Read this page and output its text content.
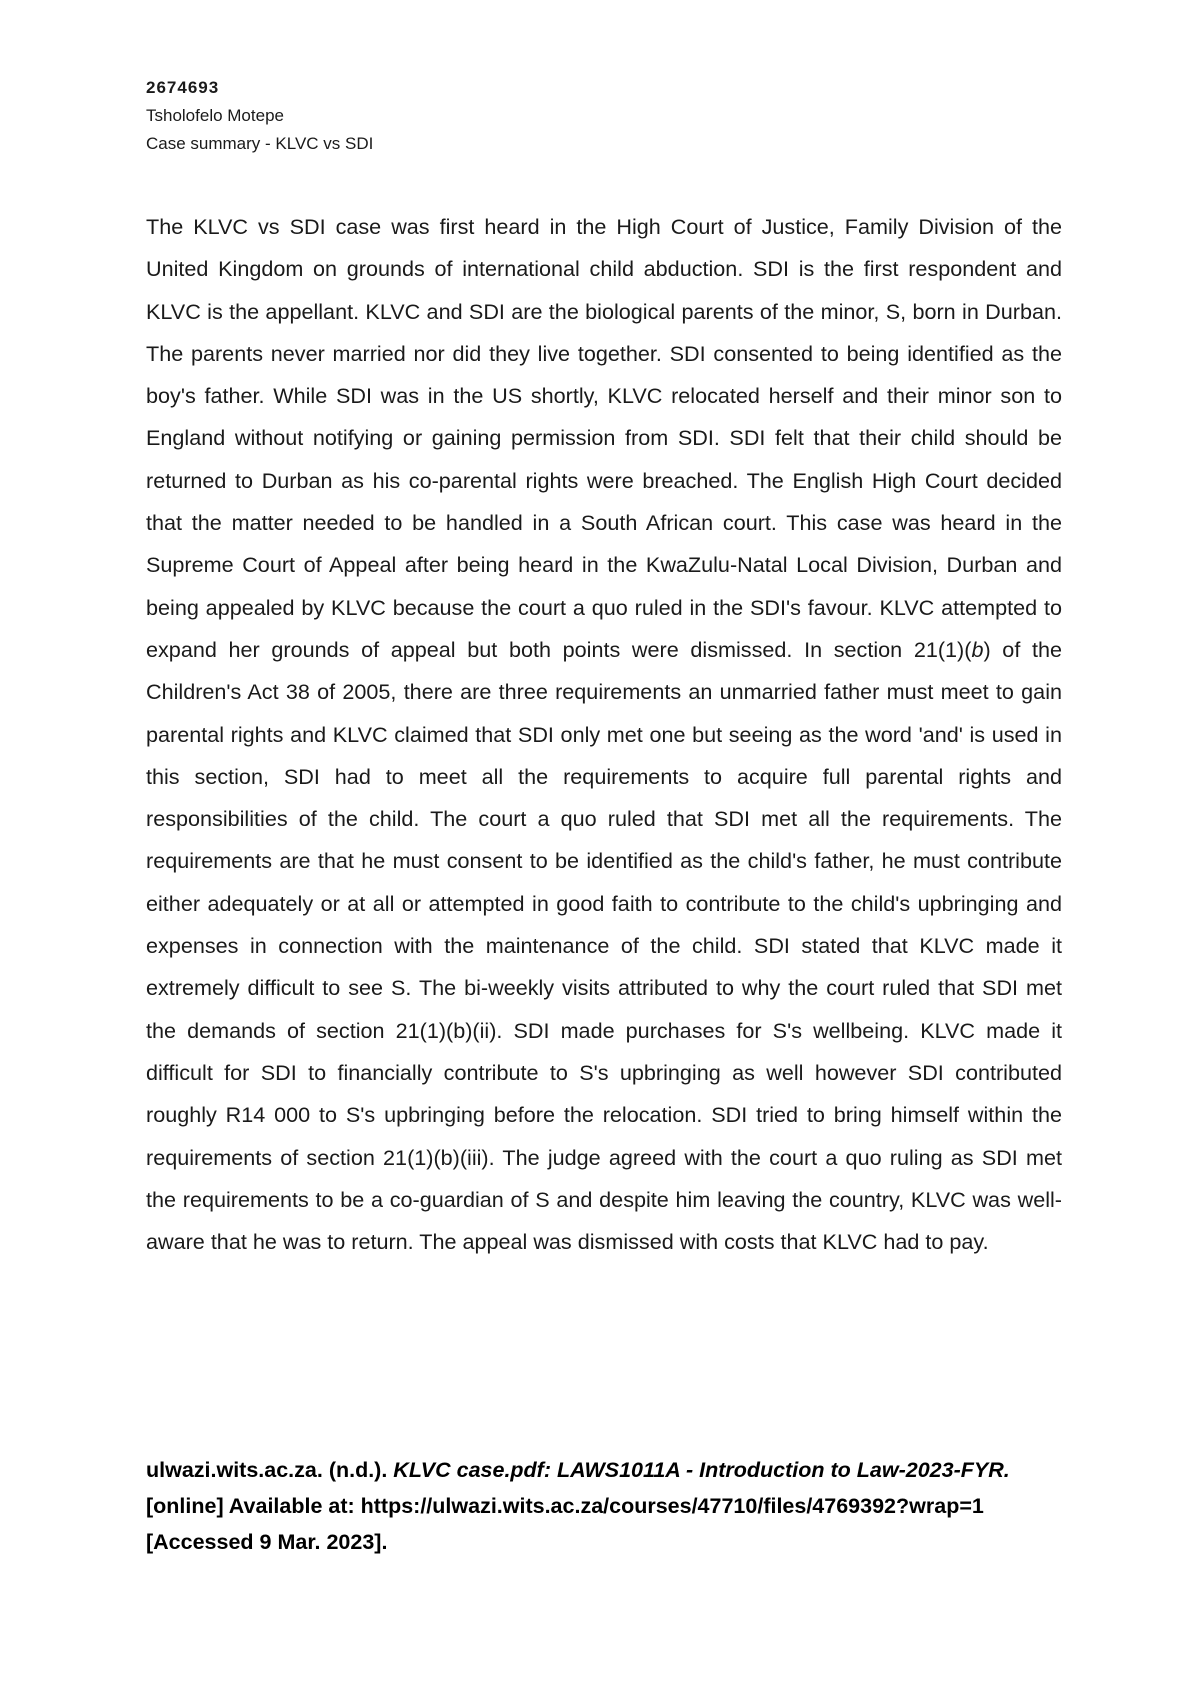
2674693
Tsholofelo Motepe
Case summary - KLVC vs SDI

The KLVC vs SDI case was first heard in the High Court of Justice, Family Division of the United Kingdom on grounds of international child abduction. SDI is the first respondent and KLVC is the appellant. KLVC and SDI are the biological parents of the minor, S, born in Durban. The parents never married nor did they live together. SDI consented to being identified as the boy's father. While SDI was in the US shortly, KLVC relocated herself and their minor son to England without notifying or gaining permission from SDI. SDI felt that their child should be returned to Durban as his co-parental rights were breached. The English High Court decided that the matter needed to be handled in a South African court. This case was heard in the Supreme Court of Appeal after being heard in the KwaZulu-Natal Local Division, Durban and being appealed by KLVC because the court a quo ruled in the SDI's favour. KLVC attempted to expand her grounds of appeal but both points were dismissed. In section 21(1)(b) of the Children's Act 38 of 2005, there are three requirements an unmarried father must meet to gain parental rights and KLVC claimed that SDI only met one but seeing as the word 'and' is used in this section, SDI had to meet all the requirements to acquire full parental rights and responsibilities of the child. The court a quo ruled that SDI met all the requirements. The requirements are that he must consent to be identified as the child's father, he must contribute either adequately or at all or attempted in good faith to contribute to the child's upbringing and expenses in connection with the maintenance of the child. SDI stated that KLVC made it extremely difficult to see S. The bi-weekly visits attributed to why the court ruled that SDI met the demands of section 21(1)(b)(ii). SDI made purchases for S's wellbeing. KLVC made it difficult for SDI to financially contribute to S's upbringing as well however SDI contributed roughly R14 000 to S's upbringing before the relocation. SDI tried to bring himself within the requirements of section 21(1)(b)(iii). The judge agreed with the court a quo ruling as SDI met the requirements to be a co-guardian of S and despite him leaving the country, KLVC was well-aware that he was to return. The appeal was dismissed with costs that KLVC had to pay.

ulwazi.wits.ac.za. (n.d.). KLVC case.pdf: LAWS1011A - Introduction to Law-2023-FYR. [online] Available at: https://ulwazi.wits.ac.za/courses/47710/files/4769392?wrap=1 [Accessed 9 Mar. 2023].
